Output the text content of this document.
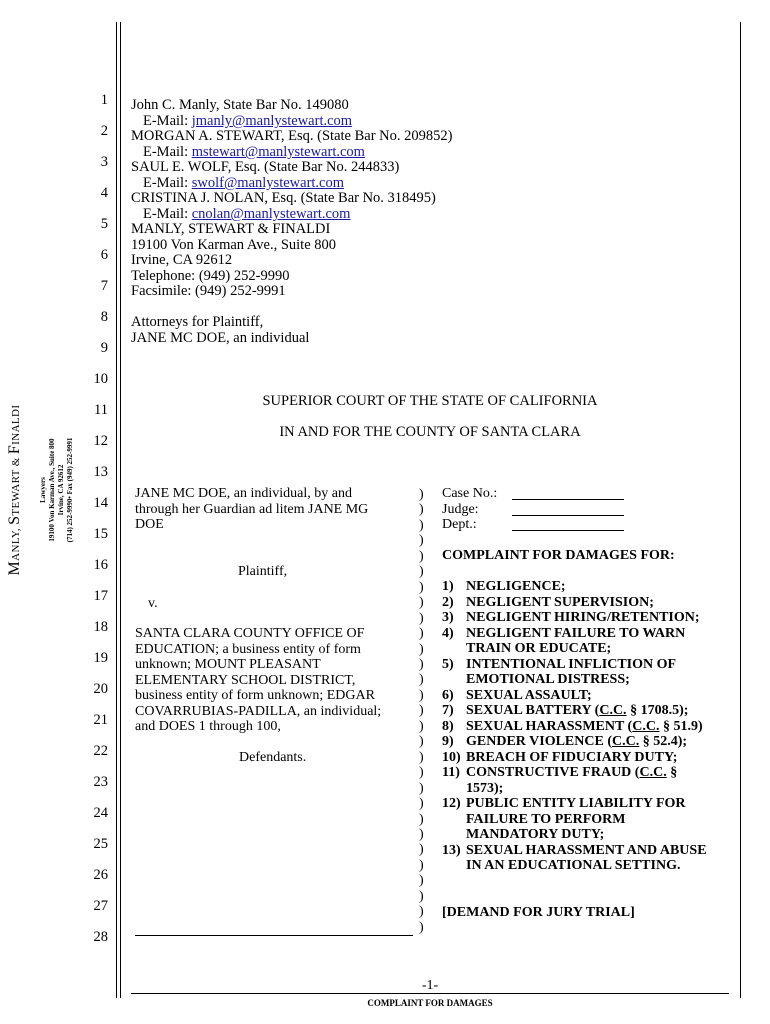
MANLY, STEWART & FINALDI
Lawyers 19100 Von Karman Ave., Suite 800 Irvine, CA 92612 (714) 252-9990• Fax (949) 252-9991
1
2
3
4
5
6
7
8
9
10
11
12
13
14
15
16
17
18
19
20
21
22
23
24
25
26
27
28
John C. Manly, State Bar No. 149080
E-Mail: jmanly@manlystewart.com
MORGAN A. STEWART, Esq. (State Bar No. 209852)
E-Mail: mstewart@manlystewart.com
SAUL E. WOLF, Esq. (State Bar No. 244833)
E-Mail: swolf@manlystewart.com
CRISTINA J. NOLAN, Esq. (State Bar No. 318495)
E-Mail: cnolan@manlystewart.com
MANLY, STEWART & FINALDI
19100 Von Karman Ave., Suite 800
Irvine, CA 92612
Telephone: (949) 252-9990
Facsimile: (949) 252-9991
Attorneys for Plaintiff,
JANE MC DOE, an individual
SUPERIOR COURT OF THE STATE OF CALIFORNIA
IN AND FOR THE COUNTY OF SANTA CLARA
JANE MC DOE, an individual, by and
through her Guardian ad litem JANE MG
DOE
Plaintiff,
v.
SANTA CLARA COUNTY OFFICE OF
EDUCATION; a business entity of form
unknown; MOUNT PLEASANT
ELEMENTARY SCHOOL DISTRICT,
business entity of form unknown; EDGAR
COVARRUBIAS-PADILLA, an individual;
and DOES 1 through 100,
Defendants.
)
)
)
)
)
)
)
)
)
)
)
)
)
)
)
)
)
)
)
)
)
)
)
)
)
)
)
)
)
Case No.:
Judge:
Dept.:
COMPLAINT FOR DAMAGES FOR:
1) NEGLIGENCE;
2) NEGLIGENT SUPERVISION;
3) NEGLIGENT HIRING/RETENTION;
4) NEGLIGENT FAILURE TO WARN
TRAIN OR EDUCATE;
5) INTENTIONAL INFLICTION OF
EMOTIONAL DISTRESS;
6) SEXUAL ASSAULT;
7) SEXUAL BATTERY (C.C. § 1708.5);
8) SEXUAL HARASSMENT (C.C. § 51.9)
9) GENDER VIOLENCE (C.C. § 52.4);
10) BREACH OF FIDUCIARY DUTY;
11) CONSTRUCTIVE FRAUD (C.C. §
1573);
12) PUBLIC ENTITY LIABILITY FOR
FAILURE TO PERFORM
MANDATORY DUTY;
13) SEXUAL HARASSMENT AND ABUSE
IN AN EDUCATIONAL SETTING.
[DEMAND FOR JURY TRIAL]
-1-
COMPLAINT FOR DAMAGES
